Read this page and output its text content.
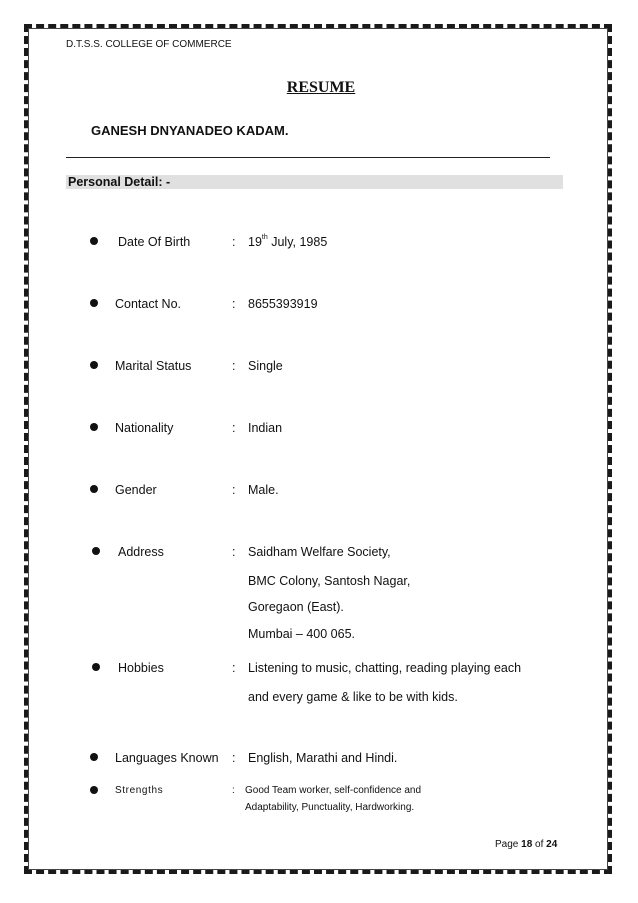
D.T.S.S. COLLEGE OF COMMERCE
RESUME
GANESH DNYANADEO KADAM.
Personal Detail: -
Date Of Birth	: 19th July, 1985
Contact No.	: 8655393919
Marital Status	: Single
Nationality	: Indian
Gender	: Male.
Address	: Saidham Welfare Society,
BMC Colony, Santosh Nagar,
Goregaon (East).
Mumbai – 400 065.
Hobbies	: Listening to music, chatting, reading playing each
and every game & like to be with kids.
Languages Known : English, Marathi and Hindi.
Strengths	: Good Team worker, self-confidence and
Adaptability, Punctuality, Hardworking.
Page 18 of 24
